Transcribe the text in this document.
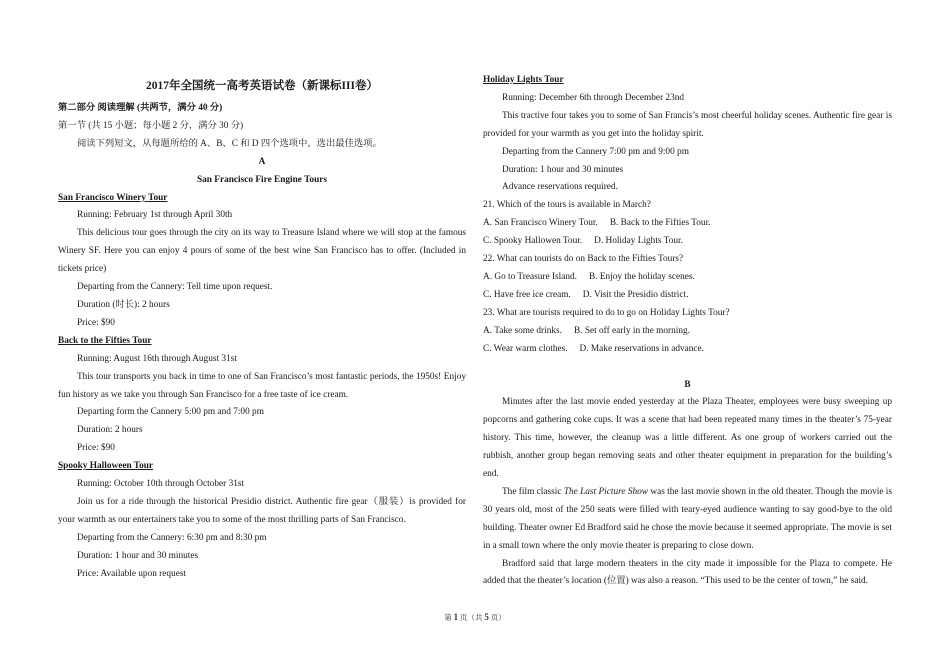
2017年全国统一高考英语试卷（新课标III卷）

第二部分 阅读理解 (共两节，满分 40 分)

第一节 (共 15 小题；每小题 2 分，满分 30 分)

阅读下列短文，从每题所给的 A、B、C 和 D 四个选项中，选出最佳选项。

A

San Francisco Fire Engine Tours

San Francisco Winery Tour

Running: February 1st through April 30th

This delicious tour goes through the city on its way to Treasure Island where we will stop at the famous Winery SF. Here you can enjoy 4 pours of some of the best wine San Francisco has to offer. (Included in tickets price)

Departing from the Cannery: Tell time upon request.

Duration (时长): 2 hours

Price: $90

Back to the Fifties Tour

Running: August 16th through August 31st

This tour transports you back in time to one of San Francisco’s most fantastic periods, the 1950s! Enjoy fun history as we take you through San Francisco for a free taste of ice cream.

Departing form the Cannery 5:00 pm and 7:00 pm

Duration: 2 hours

Price: $90

Spooky Halloween Tour

Running: October 10th through October 31st

Join us for a ride through the historical Presidio district. Authentic fire gear（服装）is provided for your warmth as our entertainers take you to some of the most thrilling parts of San Francisco.

Departing from the Cannery: 6:30 pm and 8:30 pm

Duration: 1 hour and 30 minutes

Price: Available upon request

Holiday Lights Tour

Running: December 6th through December 23nd

This tractive four takes you to some of San Francis’s most cheerful holiday scenes. Authentic fire gear is provided for your warmth as you get into the holiday spirit.

Departing from the Cannery 7:00 pm and 9:00 pm

Duration: 1 hour and 30 minutes

Advance reservations required.

21. Which of the tours is available in March?

A. San Francisco Winery Tour. B. Back to the Fifties Tour.

C. Spooky Hallowen Tour. D. Holiday Lights Tour.

22. What can tourists do on Back to the Fifties Tours?

A. Go to Treasure Island. B. Enjoy the holiday scenes.

C. Have free ice cream. D. Visit the Presidio district.

23. What are tourists required to do to go on Holiday Lights Tour?

A. Take some drinks. B. Set off early in the morning.

C. Wear warm clothes. D. Make reservations in advance.

B

Minutes after the last movie ended yesterday at the Plaza Theater, employees were busy sweeping up popcorns and gathering coke cups. It was a scene that had been repeated many times in the theater’s 75-year history. This time, however, the cleanup was a little different. As one group of workers carried out the rubbish, another group began removing seats and other theater equipment in preparation for the building’s end.

The film classic The Last Picture Show was the last movie shown in the old theater. Though the movie is 30 years old, most of the 250 seats were filled with teary-eyed audience wanting to say good-bye to the old building. Theater owner Ed Bradford said he chose the movie because it seemed appropriate. The movie is set in a small town where the only movie theater is preparing to close down.

Bradford said that large modern theaters in the city made it impossible for the Plaza to compete. He added that the theater’s location (位置) was also a reason. “This used to be the center of town,” he said.

第 1 页（共 5 页）
